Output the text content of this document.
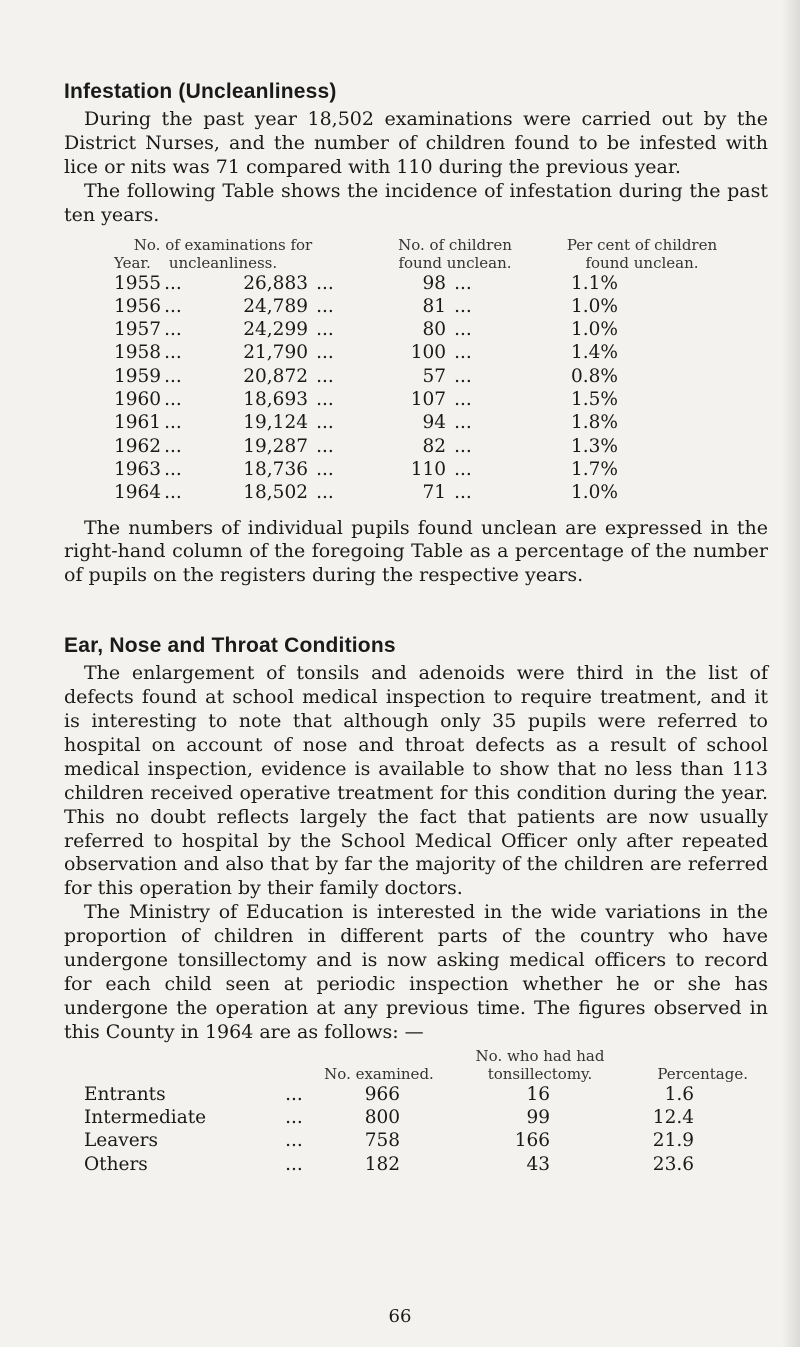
Infestation (Uncleanliness)

During the past year 18,502 examinations were carried out by the District Nurses, and the number of children found to be infested with lice or nits was 71 compared with 110 during the previous year.

The following Table shows the incidence of infestation during the past ten years.

Year.
No. of examinations for uncleanliness.
No. of children found unclean.
Per cent of children found unclean.
1955 ...	26,883 ...	98 ...	1.1%
1956 ...	24,789 ...	81 ...	1.0%
1957 ...	24,299 ...	80 ...	1.0%
1958 ...	21,790 ...	100 ...	1.4%
1959 ...	20,872 ...	57 ...	0.8%
1960 ...	18,693 ...	107 ...	1.5%
1961 ...	19,124 ...	94 ...	1.8%
1962 ...	19,287 ...	82 ...	1.3%
1963 ...	18,736 ...	110 ...	1.7%
1964 ...	18,502 ...	71 ...	1.0%

The numbers of individual pupils found unclean are expressed in the right-hand column of the foregoing Table as a percentage of the number of pupils on the registers during the respective years.

Ear, Nose and Throat Conditions

The enlargement of tonsils and adenoids were third in the list of defects found at school medical inspection to require treatment, and it is interesting to note that although only 35 pupils were referred to hospital on account of nose and throat defects as a result of school medical inspection, evidence is available to show that no less than 113 children received operative treatment for this condition during the year. This no doubt reflects largely the fact that patients are now usually referred to hospital by the School Medical Officer only after repeated observation and also that by far the majority of the children are referred for this operation by their family doctors.

The Ministry of Education is interested in the wide variations in the proportion of children in different parts of the country who have undergone tonsillectomy and is now asking medical officers to record for each child seen at periodic inspection whether he or she has undergone the operation at any previous time. The figures observed in this County in 1964 are as follows: —

No. examined.
No. who had had tonsillectomy.	Percentage.
Entrants	...	966	16	1.6
Intermediate	...	800	99	12.4
Leavers	...	758	166	21.9
Others	...	182	43	23.6
66
